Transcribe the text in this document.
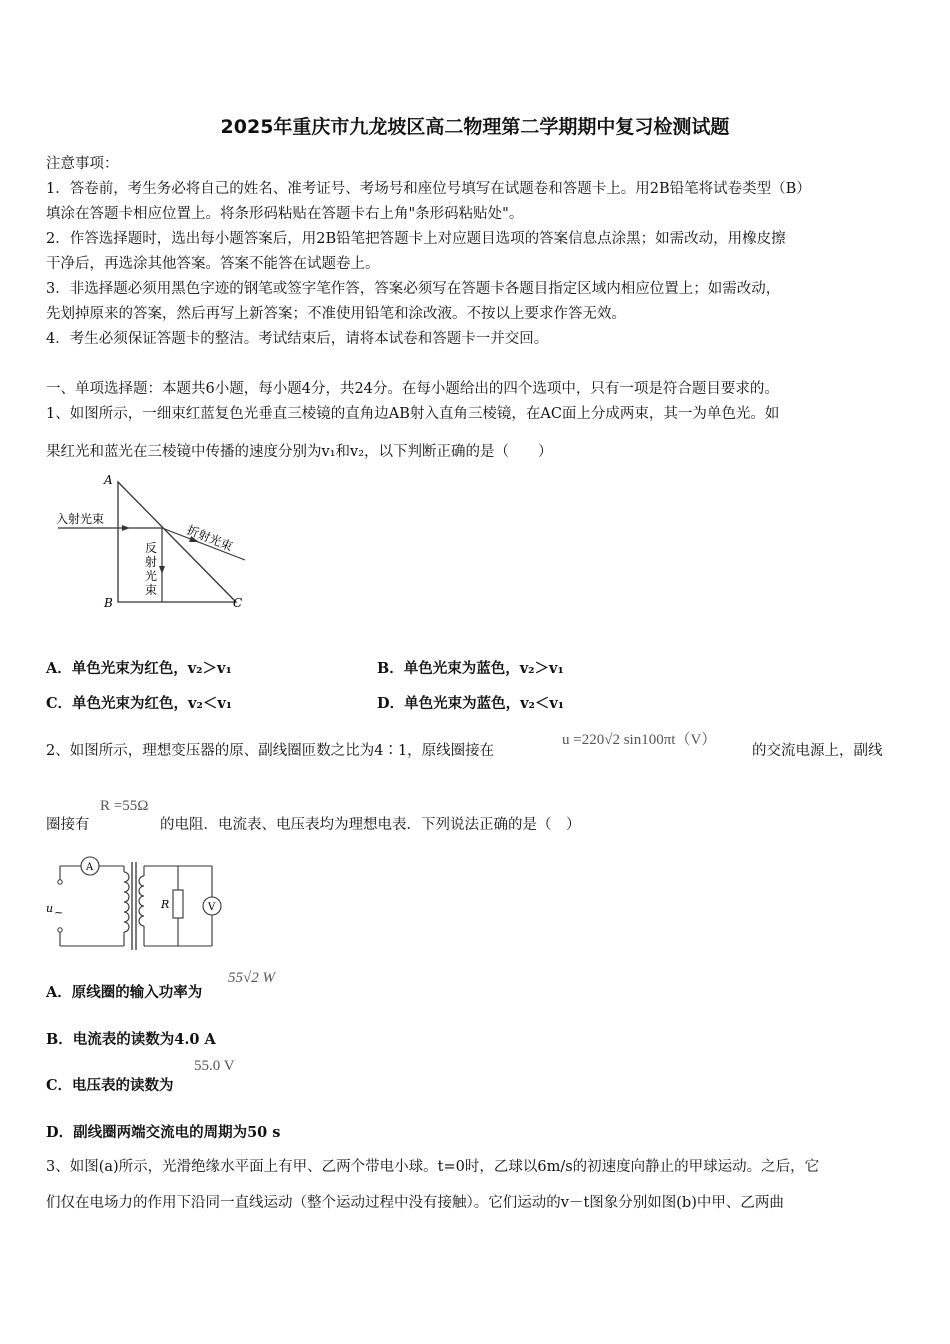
2025年重庆市九龙坡区高二物理第二学期期中复习检测试题
注意事项：
1．答卷前，考生务必将自己的姓名、准考证号、考场号和座位号填写在试题卷和答题卡上。用2B铅笔将试卷类型（B）
填涂在答题卡相应位置上。将条形码粘贴在答题卡右上角"条形码粘贴处"。
2．作答选择题时，选出每小题答案后，用2B铅笔把答题卡上对应题目选项的答案信息点涂黑；如需改动，用橡皮擦
干净后，再选涂其他答案。答案不能答在试题卷上。
3．非选择题必须用黑色字迹的钢笔或签字笔作答，答案必须写在答题卡各题目指定区域内相应位置上；如需改动，
先划掉原来的答案，然后再写上新答案；不准使用铅笔和涂改液。不按以上要求作答无效。
4．考生必须保证答题卡的整洁。考试结束后，请将本试卷和答题卡一并交回。
一、单项选择题：本题共6小题，每小题4分，共24分。在每小题给出的四个选项中，只有一项是符合题目要求的。
1、如图所示，一细束红蓝复色光垂直三棱镜的直角边AB射入直角三棱镜，在AC面上分成两束，其一为单色光。如
果红光和蓝光在三棱镜中传播的速度分别为v₁和v₂，以下判断正确的是（　　）
A
B	C
入射光束
折射光束
反
射
光
束
A．单色光束为红色，v₂＞v₁	B．单色光束为蓝色，v₂＞v₁
C．单色光束为红色，v₂＜v₁	D．单色光束为蓝色，v₂＜v₁
2、如图所示，理想变压器的原、副线圈匝数之比为4∶1，原线圈接在
u =220√2 sin100πt（V）
的交流电源上，副线
R =55Ω
圈接有	的电阻．电流表、电压表均为理想电表．下列说法正确的是（　）
A
u ~
R	V
A．原线圈的输入功率为
55√2 W
B．电流表的读数为4.0 A
C．电压表的读数为
55.0 V
D．副线圈两端交流电的周期为50 s
3、如图(a)所示，光滑绝缘水平面上有甲、乙两个带电小球。t=0时，乙球以6m/s的初速度向静止的甲球运动。之后，它
们仅在电场力的作用下沿同一直线运动（整个运动过程中没有接触）。它们运动的v－t图象分别如图(b)中甲、乙两曲
